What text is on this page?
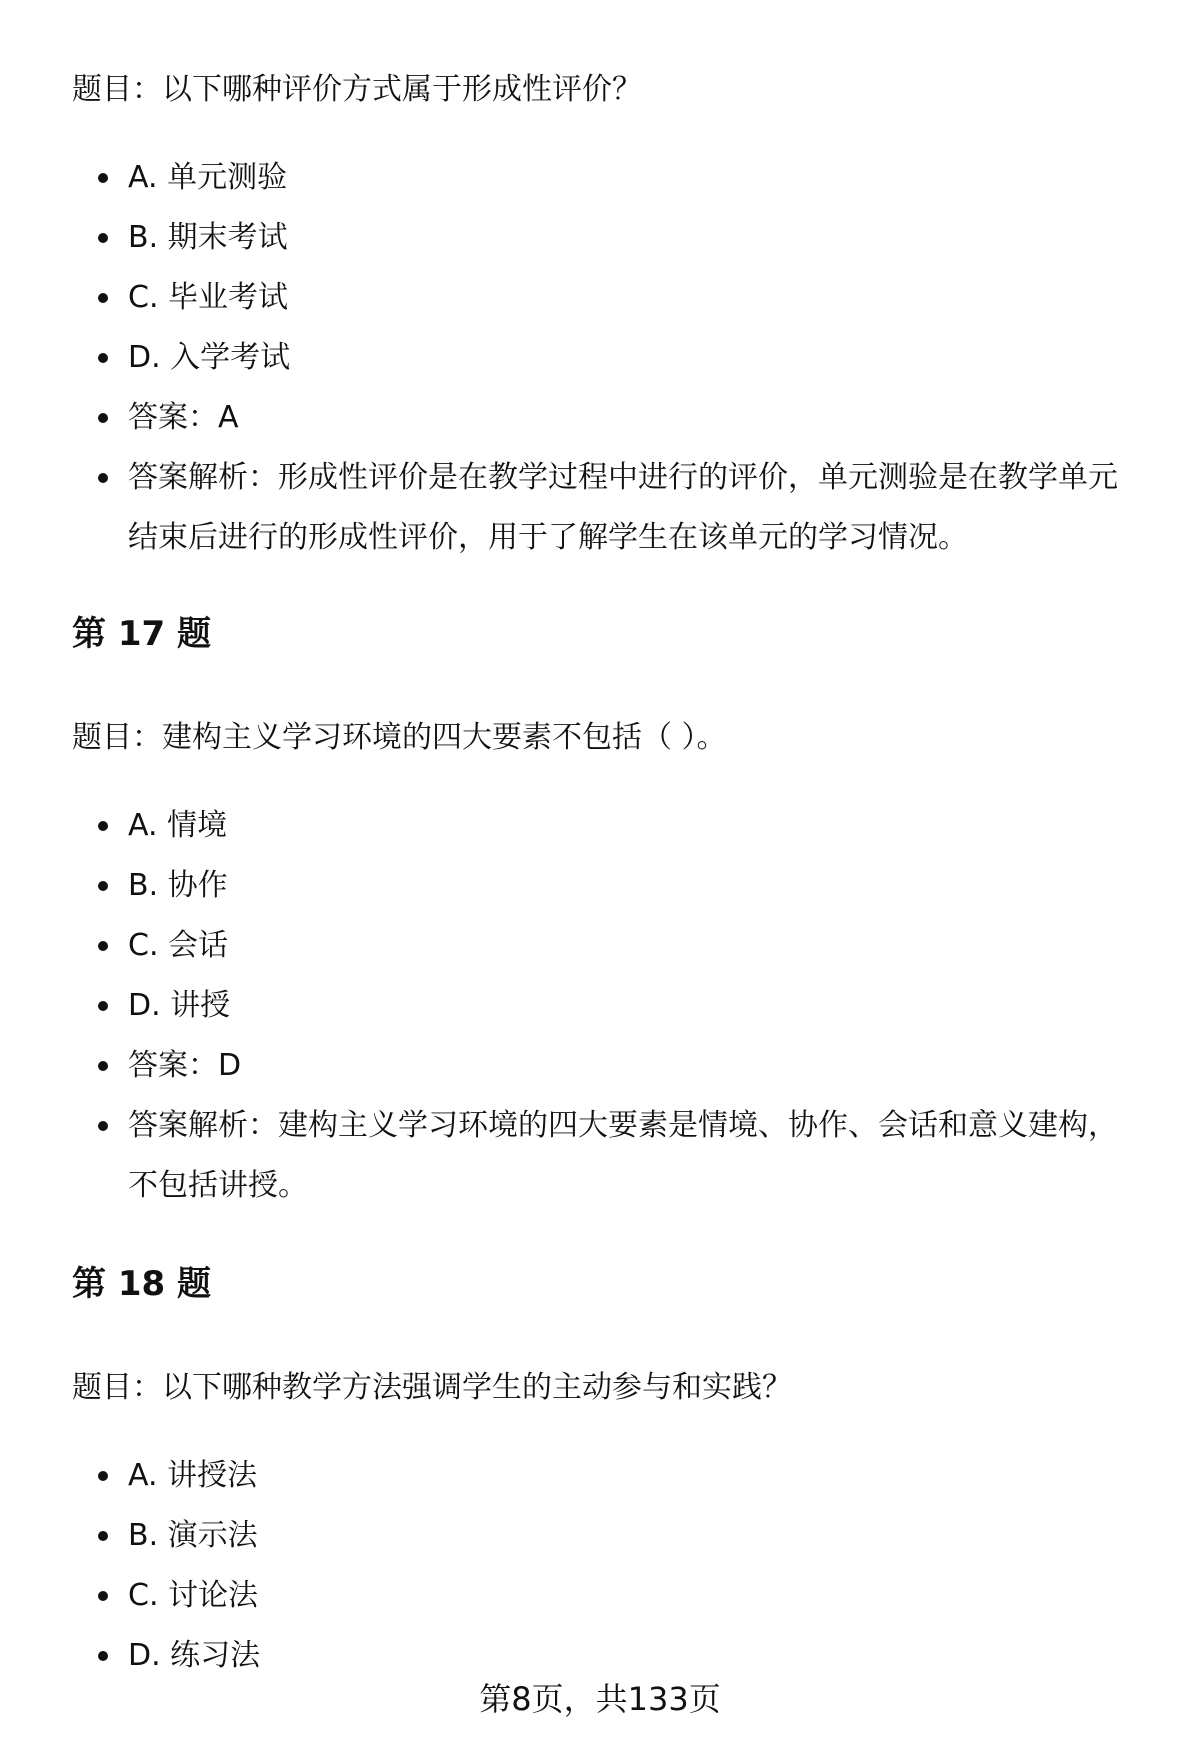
题目：以下哪种评价方式属于形成性评价？
A. 单元测验
B. 期末考试
C. 毕业考试
D. 入学考试
答案：A
答案解析：形成性评价是在教学过程中进行的评价，单元测验是在教学单元结束后进行的形成性评价，用于了解学生在该单元的学习情况。
第 17 题
题目：建构主义学习环境的四大要素不包括（ ）。
A. 情境
B. 协作
C. 会话
D. 讲授
答案：D
答案解析：建构主义学习环境的四大要素是情境、协作、会话和意义建构，不包括讲授。
第 18 题
题目：以下哪种教学方法强调学生的主动参与和实践？
A. 讲授法
B. 演示法
C. 讨论法
D. 练习法
第8页，共133页
